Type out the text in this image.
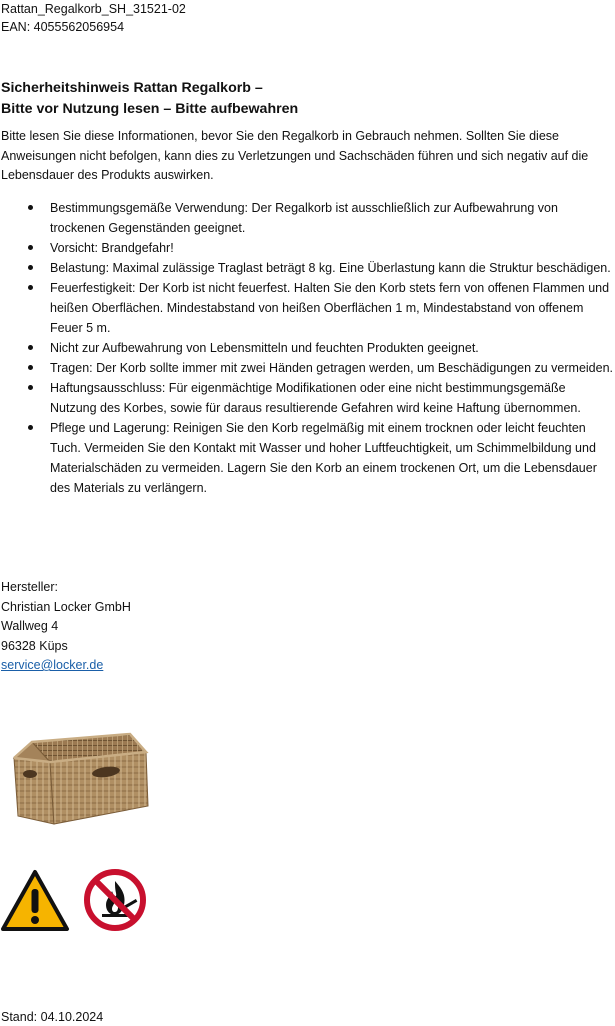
Rattan_Regalkorb_SH_31521-02
EAN: 4055562056954
Sicherheitshinweis Rattan Regalkorb –
Bitte vor Nutzung lesen – Bitte aufbewahren
Bitte lesen Sie diese Informationen, bevor Sie den Regalkorb in Gebrauch nehmen. Sollten Sie diese Anweisungen nicht befolgen, kann dies zu Verletzungen und Sachschäden führen und sich negativ auf die Lebensdauer des Produkts auswirken.
Bestimmungsgemäße Verwendung: Der Regalkorb ist ausschließlich zur Aufbewahrung von trockenen Gegenständen geeignet.
Vorsicht: Brandgefahr!
Belastung: Maximal zulässige Traglast beträgt 8 kg. Eine Überlastung kann die Struktur beschädigen.
Feuerfestigkeit: Der Korb ist nicht feuerfest. Halten Sie den Korb stets fern von offenen Flammen und heißen Oberflächen. Mindestabstand von heißen Oberflächen 1 m, Mindestabstand von offenem Feuer 5 m.
Nicht zur Aufbewahrung von Lebensmitteln und feuchten Produkten geeignet.
Tragen: Der Korb sollte immer mit zwei Händen getragen werden, um Beschädigungen zu vermeiden.
Haftungsausschluss: Für eigenmächtige Modifikationen oder eine nicht bestimmungsgemäße Nutzung des Korbes, sowie für daraus resultierende Gefahren wird keine Haftung übernommen.
Pflege und Lagerung: Reinigen Sie den Korb regelmäßig mit einem trocknen oder leicht feuchten Tuch. Vermeiden Sie den Kontakt mit Wasser und hoher Luftfeuchtigkeit, um Schimmelbildung und Materialschäden zu vermeiden. Lagern Sie den Korb an einem trockenen Ort, um die Lebensdauer des Materials zu verlängern.
Hersteller:
Christian Locker GmbH
Wallweg 4
96328 Küps
service@locker.de
Stand: 04.10.2024
